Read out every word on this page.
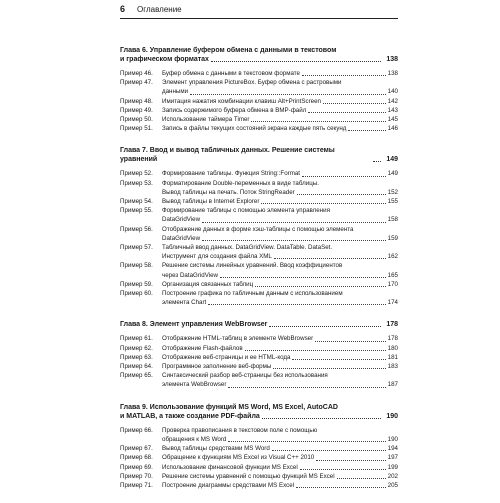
6 Оглавление
Глава 6. Управление буфером обмена с данными в текстовом
и графическом форматах	138
Пример 46.	Буфер обмена с данными в текстовом формате	138
Пример 47.	Элемент управления PictureBox. Буфер обмена с растровыми
данными	140
Пример 48.	Имитация нажатия комбинации клавиш Alt+PrintScreen	142
Пример 49.	Запись содержимого буфера обмена в BMP-файл	143
Пример 50.	Использование таймера Timer	145
Пример 51.	Запись в файлы текущих состояний экрана каждые пять секунд	146
Глава 7. Ввод и вывод табличных данных. Решение системы уравнений	149
Пример 52.	Формирование таблицы. Функция String::Format	149
Пример 53.	Форматирование Double-переменных в виде таблицы.
Вывод таблицы на печать. Поток StringReader	152
Пример 54.	Вывод таблицы в Internet Explorer	155
Пример 55.	Формирование таблицы с помощью элемента управления
DataGridView	158
Пример 56.	Отображение данных в форме хэш-таблицы с помощью элемента
DataGridView	159
Пример 57.	Табличный ввод данных. DataGridView. DataTable. DataSet.
Инструмент для создания файла XML	162
Пример 58.	Решение системы линейных уравнений. Ввод коэффициентов
через DataGridView	165
Пример 59.	Организация связанных таблиц	170
Пример 60.	Построение графика по табличным данным с использованием
элемента Chart	174
Глава 8. Элемент управления WebBrowser	178
Пример 61.	Отображение HTML-таблиц в элементе WebBrowser	178
Пример 62.	Отображение Flash-файлов	180
Пример 63.	Отображение веб-страницы и ее HTML-кода	181
Пример 64.	Программное заполнение веб-формы	183
Пример 65.	Синтаксический разбор веб-страницы без использования
элемента WebBrowser	187
Глава 9. Использование функций MS Word, MS Excel, AutoCAD
и MATLAB, а также создание PDF-файла	190
Пример 66.	Проверка правописания в текстовом поле с помощью
обращения к MS Word	190
Пример 67.	Вывод таблицы средствами MS Word	194
Пример 68.	Обращение к функциям MS Excel из Visual C++ 2010	197
Пример 69.	Использование финансовой функции MS Excel	199
Пример 70.	Решение системы уравнений с помощью функций MS Excel	202
Пример 71.	Построение диаграммы средствами MS Excel	205
